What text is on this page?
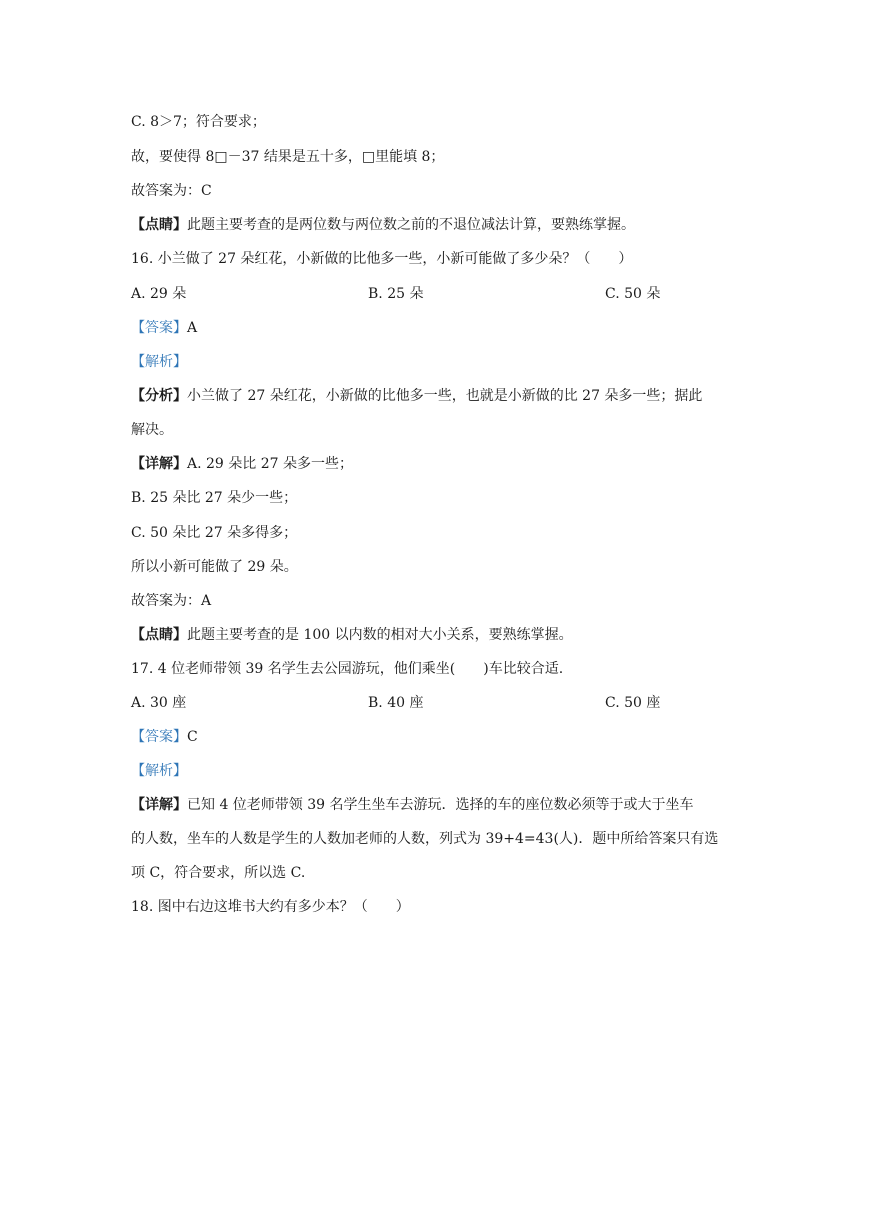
C. 8＞7；符合要求；
故，要使得 8□－37 结果是五十多，□里能填 8；
故答案为：C
【点睛】此题主要考查的是两位数与两位数之前的不退位减法计算，要熟练掌握。
16. 小兰做了 27 朵红花，小新做的比他多一些，小新可能做了多少朵？（　　）
A. 29 朵	B. 25 朵	C. 50 朵
【答案】A
【解析】
【分析】小兰做了 27 朵红花，小新做的比他多一些，也就是小新做的比 27 朵多一些；据此
解决。
【详解】A. 29 朵比 27 朵多一些；
B. 25 朵比 27 朵少一些；
C. 50 朵比 27 朵多得多；
所以小新可能做了 29 朵。
故答案为：A
【点睛】此题主要考查的是 100 以内数的相对大小关系，要熟练掌握。
17. 4 位老师带领 39 名学生去公园游玩，他们乘坐(　　)车比较合适.
A. 30 座	B. 40 座	C. 50 座
【答案】C
【解析】
【详解】已知 4 位老师带领 39 名学生坐车去游玩．选择的车的座位数必须等于或大于坐车
的人数，坐车的人数是学生的人数加老师的人数，列式为 39+4=43(人)．题中所给答案只有选
项 C，符合要求，所以选 C.
18. 图中右边这堆书大约有多少本？（　　）
